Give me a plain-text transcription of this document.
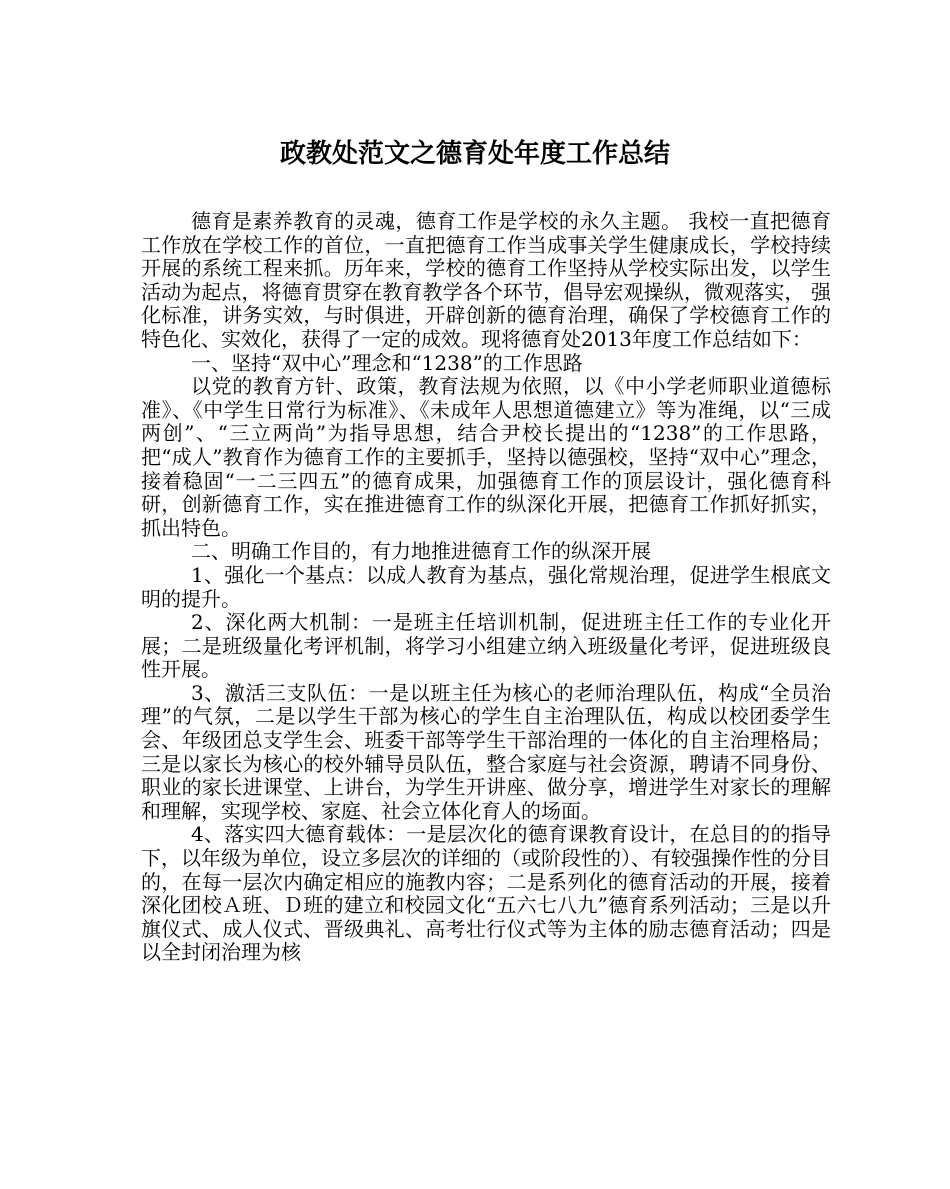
政教处范文之德育处年度工作总结

德育是素养教育的灵魂，德育工作是学校的永久主题。 我校一直把德育工作放在学校工作的首位，一直把德育工作当成事关学生健康成长，学校持续开展的系统工程来抓。历年来，学校的德育工作坚持从学校实际出发，以学生活动为起点，将德育贯穿在教育教学各个环节，倡导宏观操纵，微观落实， 强化标准，讲务实效，与时俱进，开辟创新的德育治理，确保了学校德育工作的特色化、实效化，获得了一定的成效。现将德育处2013年度工作总结如下：

一、坚持“双中心”理念和“1238”的工作思路

以党的教育方针、政策，教育法规为依照，以《中小学老师职业道德标准》、《中学生日常行为标准》、《未成年人思想道德建立》等为准绳，以“三成两创”、“三立两尚”为指导思想，结合尹校长提出的“1238”的工作思路，把“成人”教育作为德育工作的主要抓手，坚持以德强校，坚持“双中心”理念，接着稳固“一二三四五”的德育成果，加强德育工作的顶层设计，强化德育科研，创新德育工作，实在推进德育工作的纵深化开展，把德育工作抓好抓实，抓出特色。

二、明确工作目的，有力地推进德育工作的纵深开展

1、强化一个基点：以成人教育为基点，强化常规治理，促进学生根底文明的提升。

2、深化两大机制：一是班主任培训机制，促进班主任工作的专业化开展；二是班级量化考评机制，将学习小组建立纳入班级量化考评，促进班级良性开展。

3、激活三支队伍：一是以班主任为核心的老师治理队伍，构成“全员治理”的气氛，二是以学生干部为核心的学生自主治理队伍，构成以校团委学生会、年级团总支学生会、班委干部等学生干部治理的一体化的自主治理格局；三是以家长为核心的校外辅导员队伍，整合家庭与社会资源，聘请不同身份、职业的家长进课堂、上讲台，为学生开讲座、做分享，增进学生对家长的理解和理解，实现学校、家庭、社会立体化育人的场面。

4、落实四大德育载体：一是层次化的德育课教育设计，在总目的的指导下，以年级为单位，设立多层次的详细的（或阶段性的）、有较强操作性的分目的，在每一层次内确定相应的施教内容；二是系列化的德育活动的开展，接着深化团校Ａ班、Ｄ班的建立和校园文化“五六七八九”德育系列活动；三是以升旗仪式、成人仪式、晋级典礼、高考壮行仪式等为主体的励志德育活动；四是以全封闭治理为核
